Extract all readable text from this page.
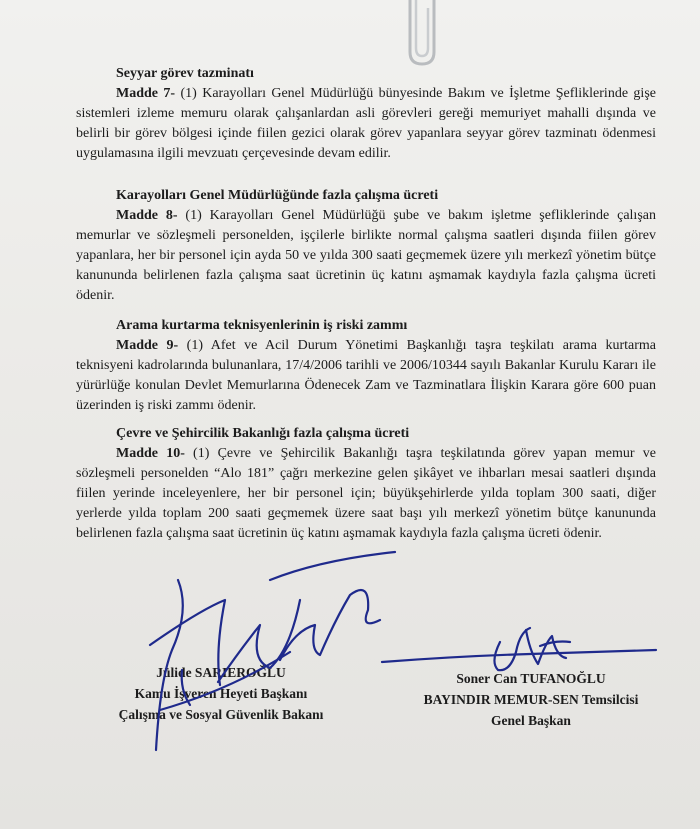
Seyyar görev tazminatı

Madde 7- (1) Karayolları Genel Müdürlüğü bünyesinde Bakım ve İşletme Şefliklerinde gişe sistemleri izleme memuru olarak çalışanlardan asli görevleri gereği memuriyet mahalli dışında ve belirli bir görev bölgesi içinde fiilen gezici olarak görev yapanlara seyyar görev tazminatı ödenmesi uygulamasına ilgili mevzuatı çerçevesinde devam edilir.

Karayolları Genel Müdürlüğünde fazla çalışma ücreti

Madde 8- (1) Karayolları Genel Müdürlüğü şube ve bakım işletme şefliklerinde çalışan memurlar ve sözleşmeli personelden, işçilerle birlikte normal çalışma saatleri dışında fiilen görev yapanlara, her bir personel için ayda 50 ve yılda 300 saati geçmemek üzere yılı merkezî yönetim bütçe kanununda belirlenen fazla çalışma saat ücretinin üç katını aşmamak kaydıyla fazla çalışma ücreti ödenir.

Arama kurtarma teknisyenlerinin iş riski zammı

Madde 9- (1) Afet ve Acil Durum Yönetimi Başkanlığı taşra teşkilatı arama kurtarma teknisyeni kadrolarında bulunanlara, 17/4/2006 tarihli ve 2006/10344 sayılı Bakanlar Kurulu Kararı ile yürürlüğe konulan Devlet Memurlarına Ödenecek Zam ve Tazminatlara İlişkin Karara göre 600 puan üzerinden iş riski zammı ödenir.

Çevre ve Şehircilik Bakanlığı fazla çalışma ücreti

Madde 10- (1) Çevre ve Şehircilik Bakanlığı taşra teşkilatında görev yapan memur ve sözleşmeli personelden “Alo 181” çağrı merkezine gelen şikâyet ve ihbarları mesai saatleri dışında fiilen yerinde inceleyenlere, her bir personel için; büyükşehirlerde yılda toplam 300 saati, diğer yerlerde yılda toplam 200 saati geçmemek üzere saat başı yılı merkezî yönetim bütçe kanununda belirlenen fazla çalışma saat ücretinin üç katını aşmamak kaydıyla fazla çalışma ücreti ödenir.

Jülide SARIEROĞLU
Kamu İşveren Heyeti Başkanı
Çalışma ve Sosyal Güvenlik Bakanı
Soner Can TUFANOĞLU
BAYINDIR MEMUR-SEN Temsilcisi
Genel Başkan
